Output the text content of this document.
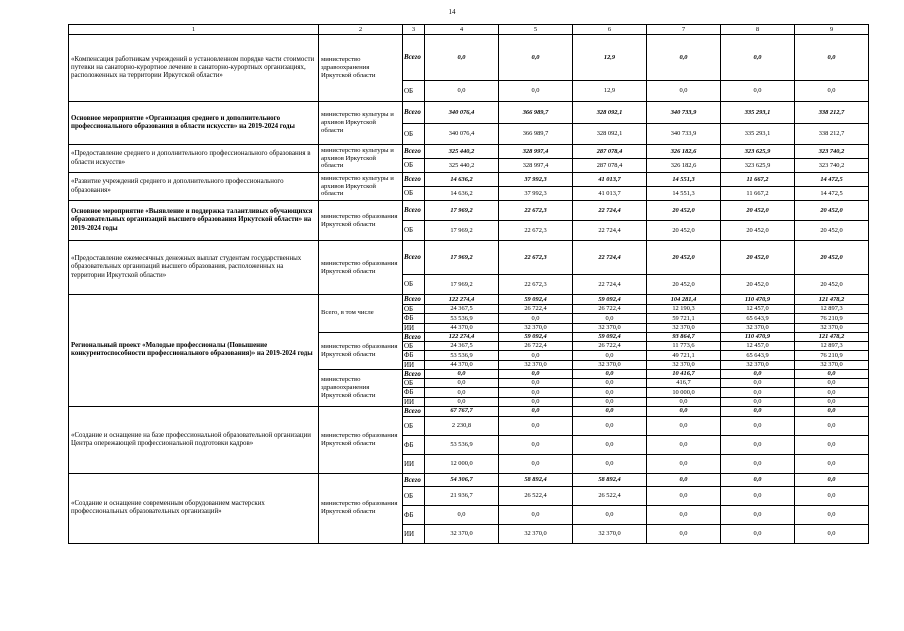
14
1	2	3	4	5	6	7	8	9
«Компенсация работникам учреждений в установленном порядке части стоимости путевки на санаторно-курортное лечение в санаторно-курортных организациях, расположенных на территории Иркутской области»	министерство здравоохранения Иркутской области	Всего	0,0	0,0	12,9	0,0	0,0	0,0
		ОБ	0,0	0,0	12,9	0,0	0,0	0,0
Основное мероприятие «Организация среднего и дополнительного профессионального образования в области искусств» на 2019-2024 годы	министерство культуры и архивов Иркутской области	Всего	340 076,4	366 989,7	328 092,1	340 733,9	335 293,1	338 212,7
		ОБ	340 076,4	366 989,7	328 092,1	340 733,9	335 293,1	338 212,7
«Предоставление среднего и дополнительного профессионального образования в области искусств»	министерство культуры и архивов Иркутской области	Всего	325 440,2	328 997,4	287 078,4	326 182,6	323 625,9	323 740,2
		ОБ	325 440,2	328 997,4	287 078,4	326 182,6	323 625,9	323 740,2
«Развитие учреждений среднего и дополнительного профессионального образования»	министерство культуры и архивов Иркутской области	Всего	14 636,2	37 992,3	41 013,7	14 551,3	11 667,2	14 472,5
		ОБ	14 636,2	37 992,3	41 013,7	14 551,3	11 667,2	14 472,5
Основное мероприятие «Выявление и поддержка талантливых обучающихся образовательных организаций высшего образования Иркутской области» на 2019-2024 годы	министерство образования Иркутской области	Всего	17 969,2	22 672,3	22 724,4	20 452,0	20 452,0	20 452,0
		ОБ	17 969,2	22 672,3	22 724,4	20 452,0	20 452,0	20 452,0
«Предоставление ежемесячных денежных выплат студентам государственных образовательных организаций высшего образования, расположенных на территории Иркутской области»	министерство образования Иркутской области	Всего	17 969,2	22 672,3	22 724,4	20 452,0	20 452,0	20 452,0
		ОБ	17 969,2	22 672,3	22 724,4	20 452,0	20 452,0	20 452,0
Региональный проект «Молодые профессионалы (Повышение конкурентоспособности профессионального образования)» на 2019-2024 годы	Всего, в том числе	Всего	122 274,4	59 092,4	59 092,4	104 281,4	110 470,9	121 478,2
		ОБ	24 367,5	26 722,4	26 722,4	12 190,3	12 457,0	12 897,3
		ФБ	53 536,9	0,0	0,0	59 721,1	65 643,9	76 210,9
		ИИ	44 370,0	32 370,0	32 370,0	32 370,0	32 370,0	32 370,0
	министерство образования Иркутской области	Всего	122 274,4	59 092,4	59 092,4	93 864,7	110 470,9	121 478,2
		ОБ	24 367,5	26 722,4	26 722,4	11 773,6	12 457,0	12 897,3
		ФБ	53 536,9	0,0	0,0	49 721,1	65 643,9	76 210,9
		ИИ	44 370,0	32 370,0	32 370,0	32 370,0	32 370,0	32 370,0
	министерство здравоохранения Иркутской области	Всего	0,0	0,0	0,0	10 416,7	0,0	0,0
		ОБ	0,0	0,0	0,0	416,7	0,0	0,0
		ФБ	0,0	0,0	0,0	10 000,0	0,0	0,0
		ИИ	0,0	0,0	0,0	0,0	0,0	0,0
«Создание и оснащение на базе профессиональной образовательной организации Центра опережающей профессиональной подготовки кадров»	министерство образования Иркутской области	Всего	67 767,7	0,0	0,0	0,0	0,0	0,0
		ОБ	2 230,8	0,0	0,0	0,0	0,0	0,0
		ФБ	53 536,9	0,0	0,0	0,0	0,0	0,0
		ИИ	12 000,0	0,0	0,0	0,0	0,0	0,0
«Создание и оснащение современным оборудованием мастерских профессиональных образовательных организаций»	министерство образования Иркутской области	Всего	54 306,7	58 892,4	58 892,4	0,0	0,0	0,0
		ОБ	21 936,7	26 522,4	26 522,4	0,0	0,0	0,0
		ФБ	0,0	0,0	0,0	0,0	0,0	0,0
		ИИ	32 370,0	32 370,0	32 370,0	0,0	0,0	0,0
